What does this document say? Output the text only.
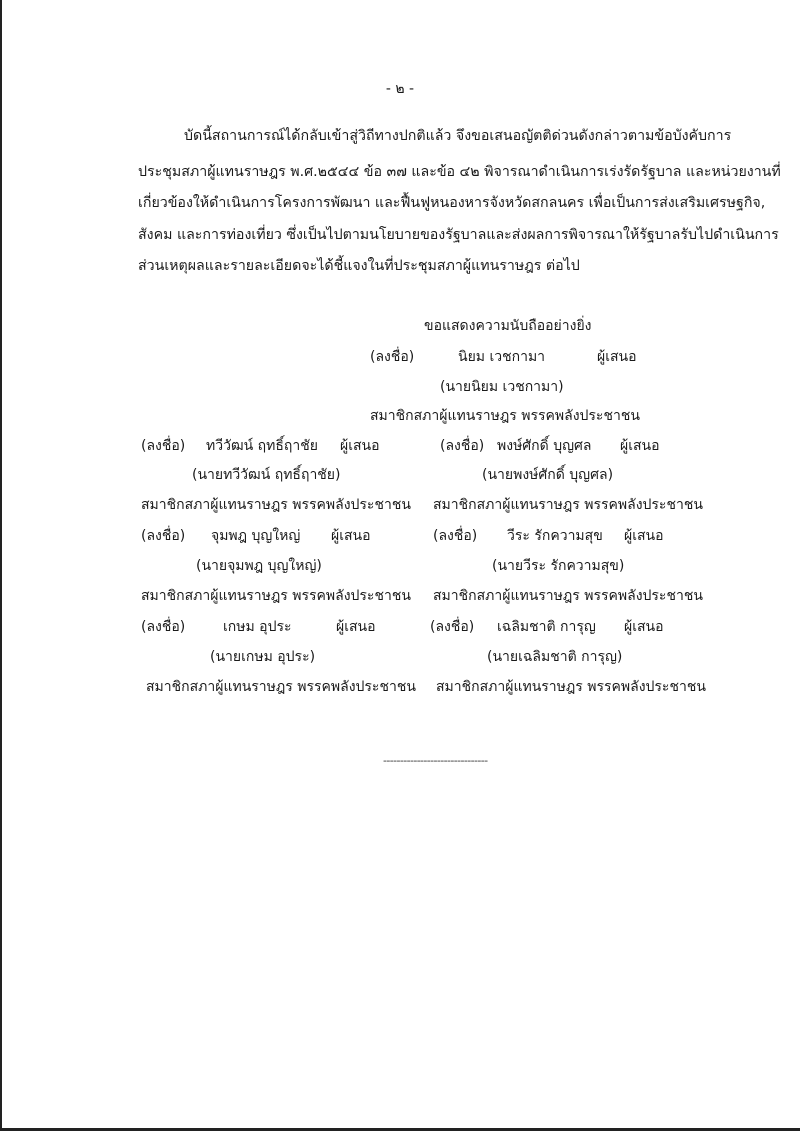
- ๒ -
บัดนี้สถานการณ์ได้กลับเข้าสู่วิถีทางปกติแล้ว จึงขอเสนอญัตติด่วนดังกล่าวตามข้อบังคับการ
ประชุมสภาผู้แทนราษฎร พ.ศ.๒๕๔๔ ข้อ ๓๗ และข้อ ๔๒ พิจารณาดำเนินการเร่งรัดรัฐบาล และหน่วยงานที่
เกี่ยวข้องให้ดำเนินการโครงการพัฒนา และฟื้นฟูหนองหารจังหวัดสกลนคร เพื่อเป็นการส่งเสริมเศรษฐกิจ,
สังคม และการท่องเที่ยว ซึ่งเป็นไปตามนโยบายของรัฐบาลและส่งผลการพิจารณาให้รัฐบาลรับไปดำเนินการ
ส่วนเหตุผลและรายละเอียดจะได้ชี้แจงในที่ประชุมสภาผู้แทนราษฎร ต่อไป
ขอแสดงความนับถืออย่างยิ่ง
(ลงชื่อ)	นิยม เวชกามา	ผู้เสนอ
(นายนิยม เวชกามา)
สมาชิกสภาผู้แทนราษฎร พรรคพลังประชาชน
(ลงชื่อ) ทวีวัฒน์ ฤทธิ์ฤาชัย ผู้เสนอ	(ลงชื่อ) พงษ์ศักดิ์ บุญศล ผู้เสนอ
(นายทวีวัฒน์ ฤทธิ์ฤาชัย)	(นายพงษ์ศักดิ์ บุญศล)
สมาชิกสภาผู้แทนราษฎร พรรคพลังประชาชน สมาชิกสภาผู้แทนราษฎร พรรคพลังประชาชน
(ลงชื่อ) จุมพฎ บุญใหญ่ ผู้เสนอ	(ลงชื่อ) วีระ รักความสุข ผู้เสนอ
(นายจุมพฎ บุญใหญ่)	(นายวีระ รักความสุข)
สมาชิกสภาผู้แทนราษฎร พรรคพลังประชาชน สมาชิกสภาผู้แทนราษฎร พรรคพลังประชาชน
(ลงชื่อ)	เกษม อุประ	ผู้เสนอ	(ลงชื่อ) เฉลิมชาติ การุญ ผู้เสนอ
(นายเกษม อุประ)	(นายเฉลิมชาติ การุญ)
สมาชิกสภาผู้แทนราษฎร พรรคพลังประชาชน สมาชิกสภาผู้แทนราษฎร พรรคพลังประชาชน
-------------------------------
